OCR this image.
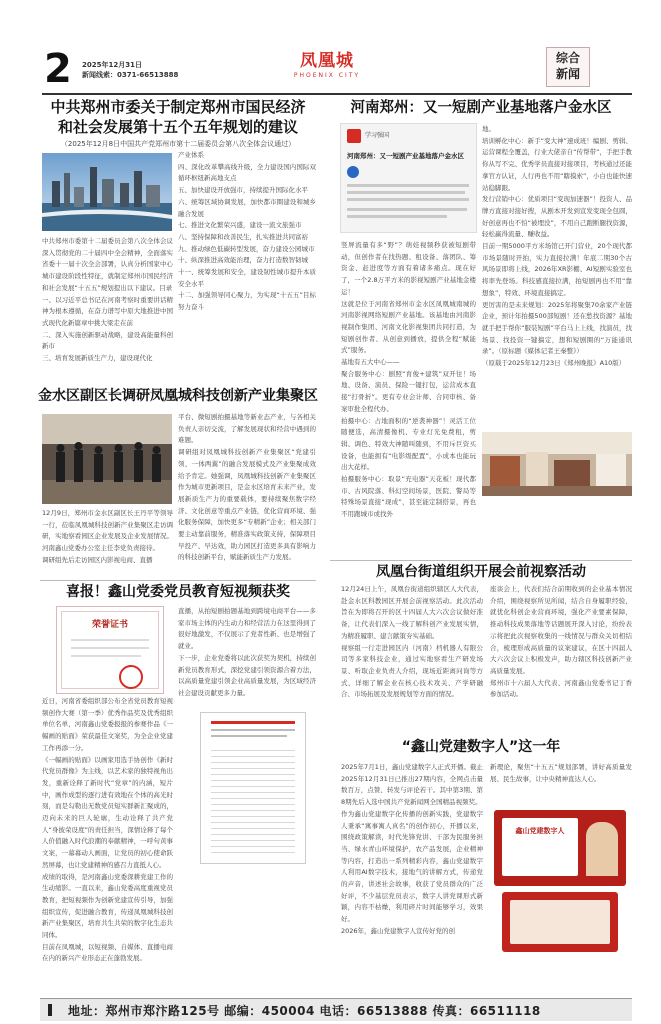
2 2025年12月31日
新闻线索：0371-66513888
凤凰城
PHOENIX CITY
综合
新闻
中共郑州市委关于制定郑州市国民经济
和社会发展第十五个五年规划的建议
（2025年12月8日中国共产党郑州市第十二届委员会第八次全体会议通过）
中共郑州市委第十二届委员会第八次全体会议深入贯彻党的二十届四中全会精神，全面落实省委十一届十次全会部署，认真分析国家中心城市建设阶段性特征，就制定郑州市国民经济和社会发展“十五五”规划提出以下建议。目录
一、以习近平总书记在河南考察时重要讲话精神为根本遵循，在奋力谱写中原大地推进中国式现代化新篇章中挑大梁走在前
二、深入实施创新驱动战略，建设高能量科创新市
三、培育发展新质生产力，建设现代化
产业体系
四、深化改革攀高线升级，全力建设国内国际双循环枢纽新高地支点
五、加快建设开放强市，持续提升国际化水平
六、统筹区域协调发展，加快都市圈建设和城乡融合发展
七、推进文化繁荣兴盛，建设一流文旅强市
八、坚持保障和改善民生，扎实推进共同富裕
九、推动绿色低碳转型发展，奋力建设公园城市
十、纵深推进高效能治理，奋力打造数智韧城
十一、统筹发展和安全，建设韧性城市提升本质安全水平
十二、加强领导同心聚力，为实现“十五五”目标努力奋斗
河南郑州：又一短剧产业基地落户金水区
学习强国
河南郑州：又一短剧产业基地落户金水区
竖屏流量有多“野”？萌娃视频秒获被短剧带动，但创作者在找热题、租设备、落团队、筹资金、赶进度等方面有着诸多痛点。现在好了，一个2.8万平方米的影视短剧产业基地金楼运！
这就是位于河南省郑州市金水区凤凰城南城的河南影视网络短剧产业基地。该基地由河南影视制作集团、河南文化影视集团共同打造，为短剧创作者、从创意到播放，提供全程“赋能式”服务。
基地有五大中心——
聚合服务中心：剧照“育俊+建筑”双开往！场地、设备、演员、保险一键打包，运营成本直接“打骨折”。更有专业会计师、合同审核、备案审批全程代办。
拍摄中心：占地面积的“逆袭神器”！灵活工位随便选，高清摄像机、专业灯光免费租，剪辑、调色、特效大神随叫随到，不用斥巨资买设备，也能拥有“电影级配置”，小成本也能玩出大花样。
拍摄服务中心：取景“充电器”天花板！现代都市、古风院落、科幻空间场景，医院、警局等特殊场景直接“现成”，甚至能定制搭景，再也不用跑城市或找外
地。
培训孵化中心：新手“变大神”速成班！编剧、剪辑、运营课程全覆盖，行业大佬亲自“传帮带”，手把手教你从写不完、优秀学员直接对接项目，考核通过还能拿官方认证，人行再也不用“瞎摸索”，小白也能快速站稳脚跟。
发行营销中心：优质项目“变现加速器”！投资人、品牌方直接对接好搜，从剧本开发到宣发变现全包圆，好创意再也不怕“被埋没”，不用自己跑断腿找资源，轻松赢得流量、赚收益。
目前一期5000平方米场馆已开门营业，20个现代都市场景随时开拍，实力直接拉满！年底二期30个古风场景即将上线，2026年XR影棚、AI短剧实验室也将率先登场。科技感直接拉满，拍短剧再也不用“靠想象”，特效、环境直接搞定。
更厉害的是未来规划：2025年将聚集70余家产业链企业，预计年拍摄500部短剧！还在愁找资源？基地就手把手帮你“服装短剧”平台马上上线，找演员，找场景、找投资一键搞定，想和短剧圈的“万能通讯录”。（原标题《媒体记者王秦整》）
（原载于2025年12月23日《郑州晚报》A10版）
金水区副区长调研凤凰城科技创新产业集聚区
12月9日，郑州市金水区副区长王丹平等领导一行，莅临凤凰城科技创新产业集聚区走访调研，实地察看园区企业发展及企业发展情况。河南鑫山党委办公室主任李党负责接待。
调研组先后走访园区内影视电商、直播
平台、微短剧拍摄基地等新业态产业，与各相关负责人亲切交流，了解发展现状和经营中遇到的难题。
调研组对凤凰城科技创新产业集聚区“党建引领、一体两翼”的融合发展模式及产业集聚成效给予肯定。她强调，凤凰城科技创新产业集聚区作为城市更新项目，是金水区培育未来产业，发展新质生产力的重要载体，要持续聚焦数字经济、文化创意等重点产业链，优化营商环境、强化服务保障，加快更多“专精新”企业；相关部门要主动靠前服务，精准落实政策支持，保障项目早投产、早达效，助力园区打造更多具有影响力的科技创新平台，赋能新质生产力发展。
凤凰台街道组织开展会前视察活动
12月24日上午，凤凰台街道组织辖区人大代表，赴金水区科教园区开展会前视察活动。此次活动旨在为即将召开的区十四届人大六次会议做好准备，让代表们深入一线了解科创产业发展实情，为精准履职、建言献策夯实基础。
视察组一行走进园区内（河南）档机器人有限公司等多家科技企业，通过实地察看生产研发场景、听取企业负责人介绍，现场近距离问询等方式，详细了解企业在核心技术攻关、产学研融合、市场拓展及发展规划等方面的情况。
座谈会上，代表们结合前期收到的企业基本情况介绍，围绕视察所见所闻，结合自身履职经验，就优化科创企业营商环境，强化产业要素保障，推动科技成果落地等话题展开深入讨论，纷纷表示将把此次视察收集的一线情况与群众关切相结合，梳理形成高质量的议案建议，在区十四届人大六次会议上积极发声，助力辖区科技创新产业高质量发展。
郑州市十六届人大代表、河南鑫山党委书记丁香参加活动。
喜报！鑫山党委党员教育短视频获奖
荣誉证书
近日，河南省委组织部公布全省党员教育短视频创作大赛（第一季）优秀作品奖及优秀组织单位名单，河南鑫山党委报报的参赛作品《一幅画的贴面》荣获最佳文案奖，为全企业党建工作再添一分。
《一幅画的贴面》以画家用选手协创作《新时代党员群像》为主线，以艺术家的独特视角出发，重新诠释了新时代“党章”的内涵，短片中，画作成型的逐行进有效地在个体的高光时刻，而是勾勒出无数党员短实群新汇聚成的，迈向未来的巨人轮廓，生动诠释了共产党人“身披荣设度”的责任担当，深情诠释了每个人价值融入时代浪潮的奉献精神，一呼句黄事文案，一幕幕动人画面，让党员的初心使命跃然屏幕，也让党建精神的感召力直抵人心。
成绩的取得，是河南鑫山党委深耕党建工作的生动缩影。一直以来，鑫山党委高度重视党员教育，把短视频作为创新党建宣传引导，加强组织宣传，促进融合教育，传递凤凰城科技创新产业集聚区，培育共生共荣的数字化生态共同体。
目前在凤凰城，以短视频、自媒体、直播电商在内的新兴产业形态正在蓬勃发展。
直播，从拍短剧拍题基地到跨境电商平台——多家市场主体的内生动力和经营活力在这里得到了很好地激发，不仅展示了党者性新、也是增强了就业。
下一步，企业党委将以此次获奖为契机，持续创新党员教育形式，深挖党建引领资源合着方法，以高质量党建引领企业高质量发展，为区域经济社会建设贡献更多力量。
“鑫山党建数字人”这一年
2025年7月1日，鑫山党建数字人正式开播。截止2025年12月31日已推出27期内容，全网点击量数百万，点赞、转发与评论若干。其中第3期、第8期先后入选中国共产党新闻网全国精品视频奖。
作为鑫山党建数字化传播的创新实践，党建数字人秉承“寓事寓人真名”的创作初心，开播以来，围绕政策解读，时代先锋党讲、干部为民服务担当、绿水青山环境保护，农产品发展，企业精神等内容，打造出一系列精彩内容，鑫山党建数字人利用AI数字技术，接地气的讲解方式，传递党的声音，讲述社会故事，收获了党员群众的广泛好评，不少基层党员表示，数字人讲党课形式新颖，内容不枯燥，利用碎片时间能够学习，效果好。
2026年，鑫山党建数字人宣传好党的创
新理论，聚焦“十五五”规划部署，讲好高质量发展、民生故事，让中央精神直达人心。
鑫山党建数字人
地址：郑州市郑汴路125号 邮编：450004 电话：66513888 传真：66511118
